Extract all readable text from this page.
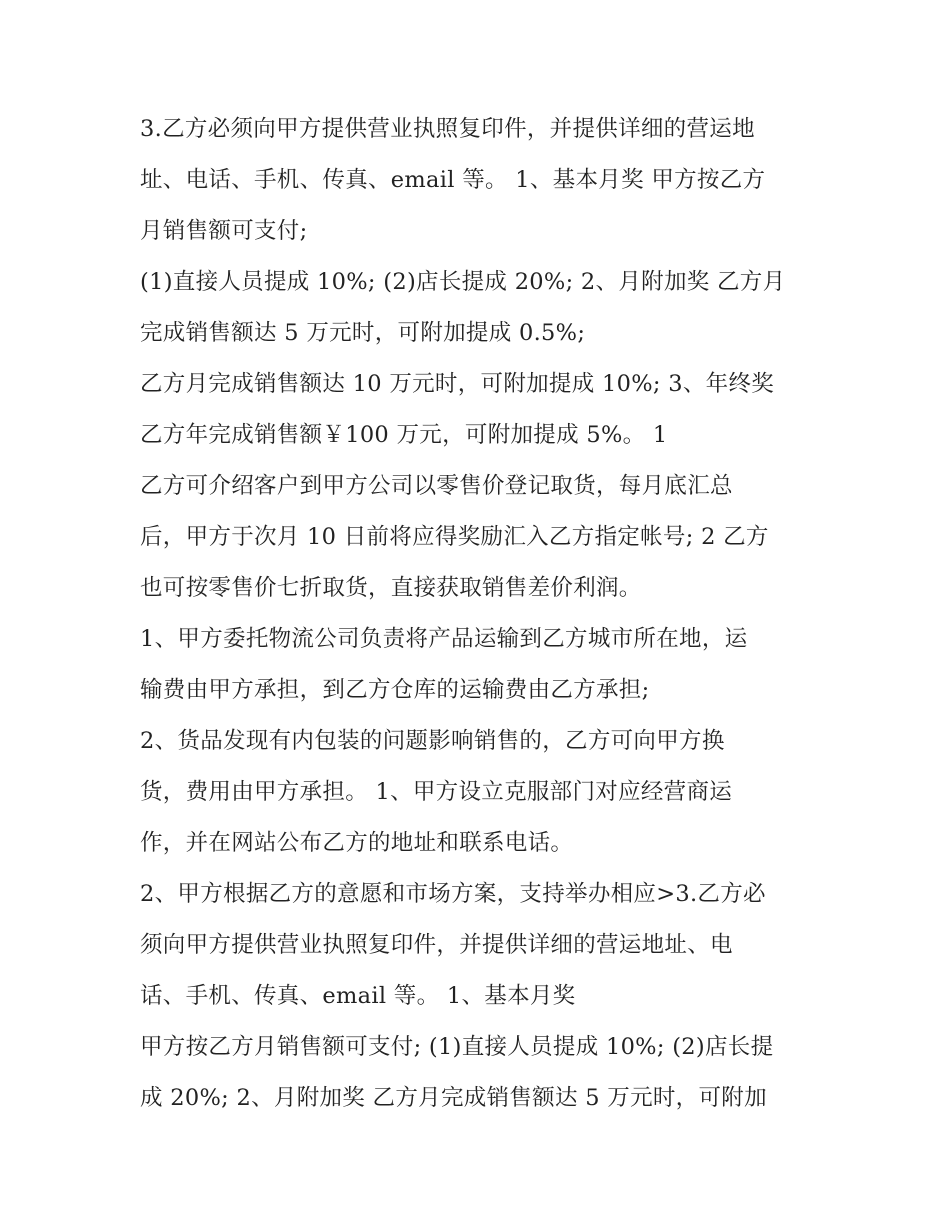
3.乙方必须向甲方提供营业执照复印件，并提供详细的营运地
址、电话、手机、传真、email 等。 1、基本月奖 甲方按乙方
月销售额可支付;
(1)直接人员提成 10%; (2)店长提成 20%; 2、月附加奖 乙方月
完成销售额达 5 万元时，可附加提成 0.5%;
乙方月完成销售额达 10 万元时，可附加提成 10%; 3、年终奖
乙方年完成销售额￥100 万元，可附加提成 5%。 1
乙方可介绍客户到甲方公司以零售价登记取货，每月底汇总
后，甲方于次月 10 日前将应得奖励汇入乙方指定帐号; 2 乙方
也可按零售价七折取货，直接获取销售差价利润。
1、甲方委托物流公司负责将产品运输到乙方城市所在地，运
输费由甲方承担，到乙方仓库的运输费由乙方承担;
2、货品发现有内包装的问题影响销售的，乙方可向甲方换
货，费用由甲方承担。 1、甲方设立克服部门对应经营商运
作，并在网站公布乙方的地址和联系电话。
2、甲方根据乙方的意愿和市场方案，支持举办相应>3.乙方必
须向甲方提供营业执照复印件，并提供详细的营运地址、电
话、手机、传真、email 等。 1、基本月奖
甲方按乙方月销售额可支付; (1)直接人员提成 10%; (2)店长提
成 20%; 2、月附加奖 乙方月完成销售额达 5 万元时，可附加
